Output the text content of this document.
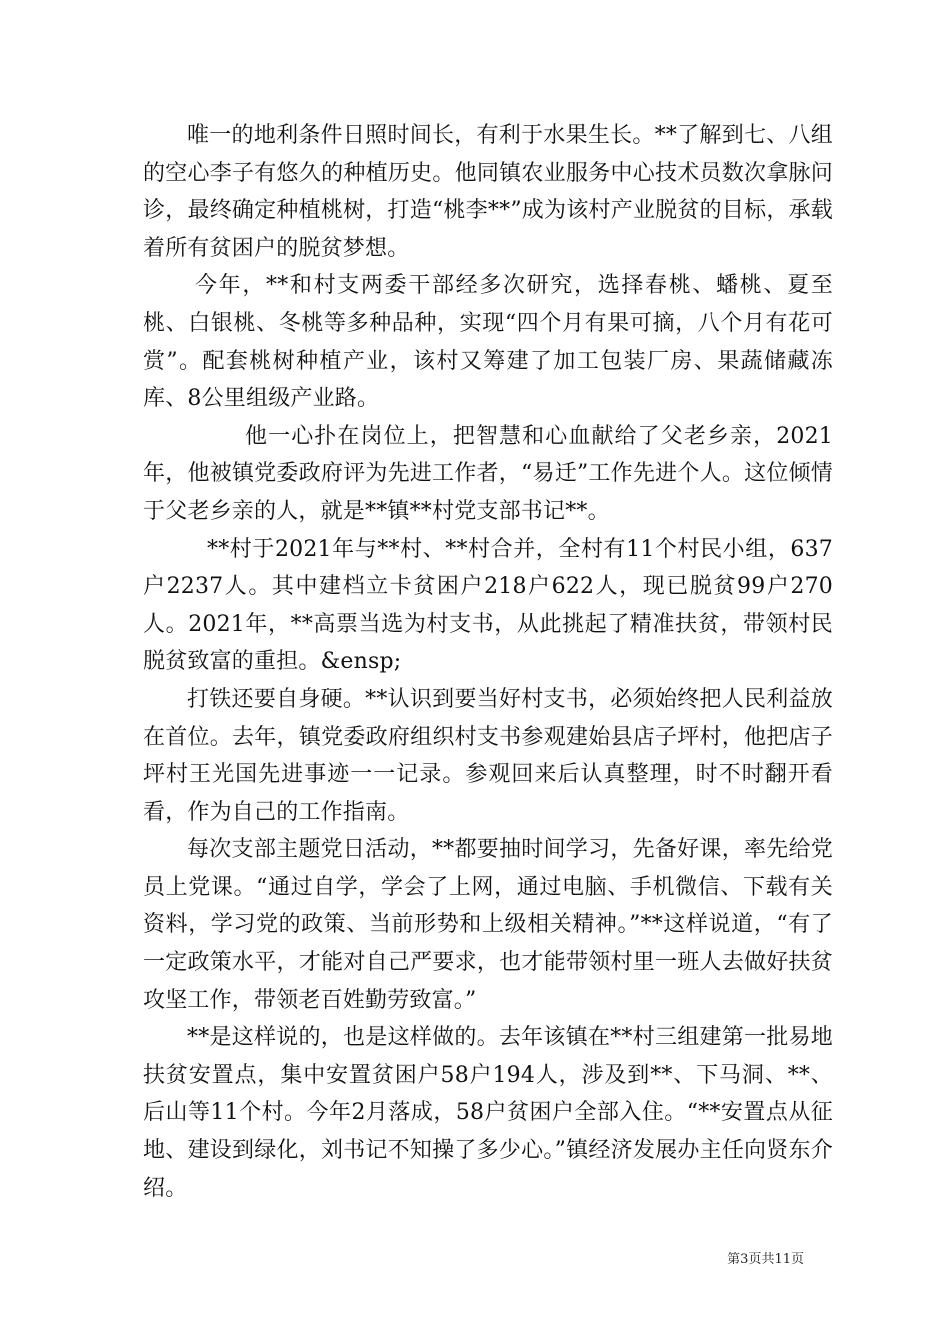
唯一的地利条件日照时间长，有利于水果生长。**了解到七、八组的空心李子有悠久的种植历史。他同镇农业服务中心技术员数次拿脉问诊，最终确定种植桃树，打造“桃李**”成为该村产业脱贫的目标，承载着所有贫困户的脱贫梦想。

今年，**和村支两委干部经多次研究，选择春桃、蟠桃、夏至桃、白银桃、冬桃等多种品种，实现“四个月有果可摘，八个月有花可赏”。配套桃树种植产业，该村又筹建了加工包装厂房、果蔬储藏冻库、8公里组级产业路。

他一心扑在岗位上，把智慧和心血献给了父老乡亲，2021年，他被镇党委政府评为先进工作者，“易迁”工作先进个人。这位倾情于父老乡亲的人，就是**镇**村党支部书记**。

**村于2021年与**村、**村合并，全村有11个村民小组，637户2237人。其中建档立卡贫困户218户622人，现已脱贫99户270人。2021年，**高票当选为村支书，从此挑起了精准扶贫，带领村民脱贫致富的重担。&ensp;

打铁还要自身硬。**认识到要当好村支书，必须始终把人民利益放在首位。去年，镇党委政府组织村支书参观建始县店子坪村，他把店子坪村王光国先进事迹一一记录。参观回来后认真整理，时不时翻开看看，作为自己的工作指南。

每次支部主题党日活动，**都要抽时间学习，先备好课，率先给党员上党课。“通过自学，学会了上网，通过电脑、手机微信、下载有关资料，学习党的政策、当前形势和上级相关精神。”**这样说道，“有了一定政策水平，才能对自己严要求，也才能带领村里一班人去做好扶贫攻坚工作，带领老百姓勤劳致富。”

**是这样说的，也是这样做的。去年该镇在**村三组建第一批易地扶贫安置点，集中安置贫困户58户194人，涉及到**、下马洞、**、后山等11个村。今年2月落成，58户贫困户全部入住。“**安置点从征地、建设到绿化，刘书记不知操了多少心。”镇经济发展办主任向贤东介绍。

第3页共11页
